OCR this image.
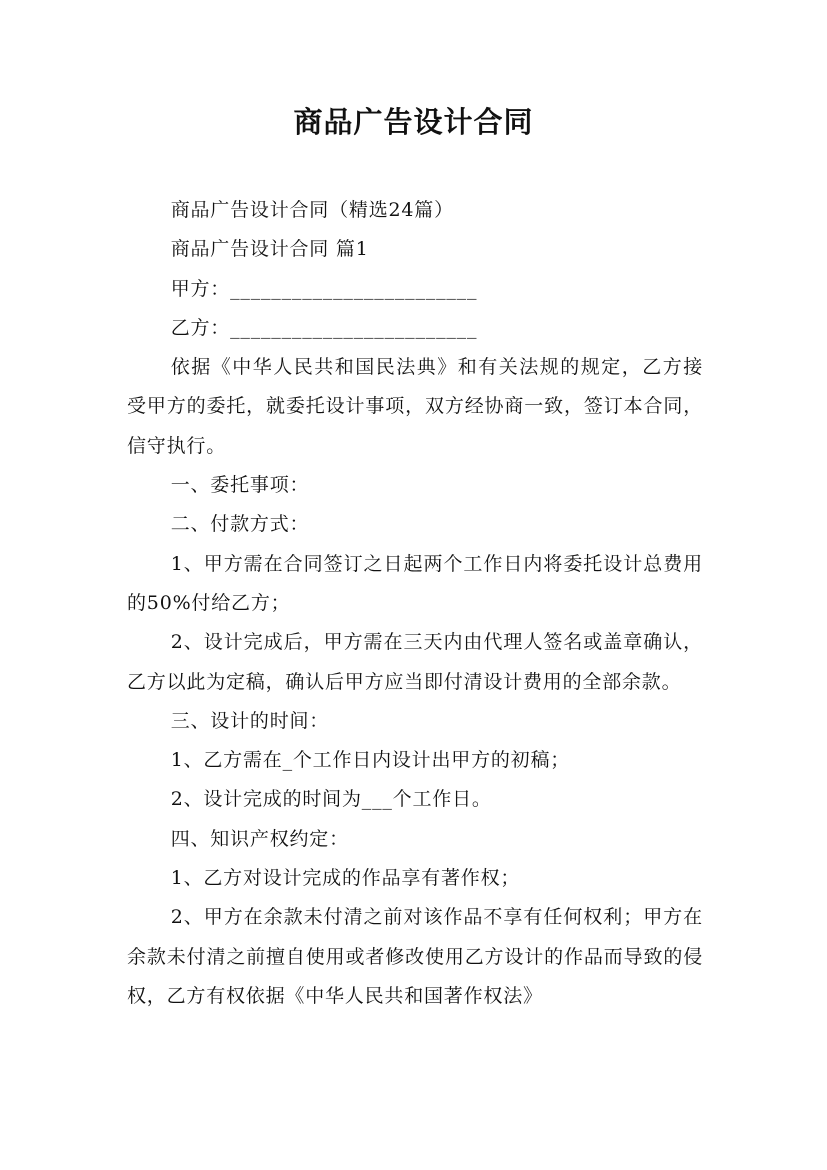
商品广告设计合同

商品广告设计合同（精选24篇）

商品广告设计合同 篇1

甲方：________________________

乙方：________________________

依据《中华人民共和国民法典》和有关法规的规定，乙方接受甲方的委托，就委托设计事项，双方经协商一致，签订本合同，信守执行。

一、委托事项：

二、付款方式：

1、甲方需在合同签订之日起两个工作日内将委托设计总费用的50%付给乙方；

2、设计完成后，甲方需在三天内由代理人签名或盖章确认，乙方以此为定稿，确认后甲方应当即付清设计费用的全部余款。

三、设计的时间：

1、乙方需在_个工作日内设计出甲方的初稿；

2、设计完成的时间为___个工作日。

四、知识产权约定：

1、乙方对设计完成的作品享有著作权；

2、甲方在余款未付清之前对该作品不享有任何权利；甲方在余款未付清之前擅自使用或者修改使用乙方设计的作品而导致的侵权，乙方有权依据《中华人民共和国著作权法》
